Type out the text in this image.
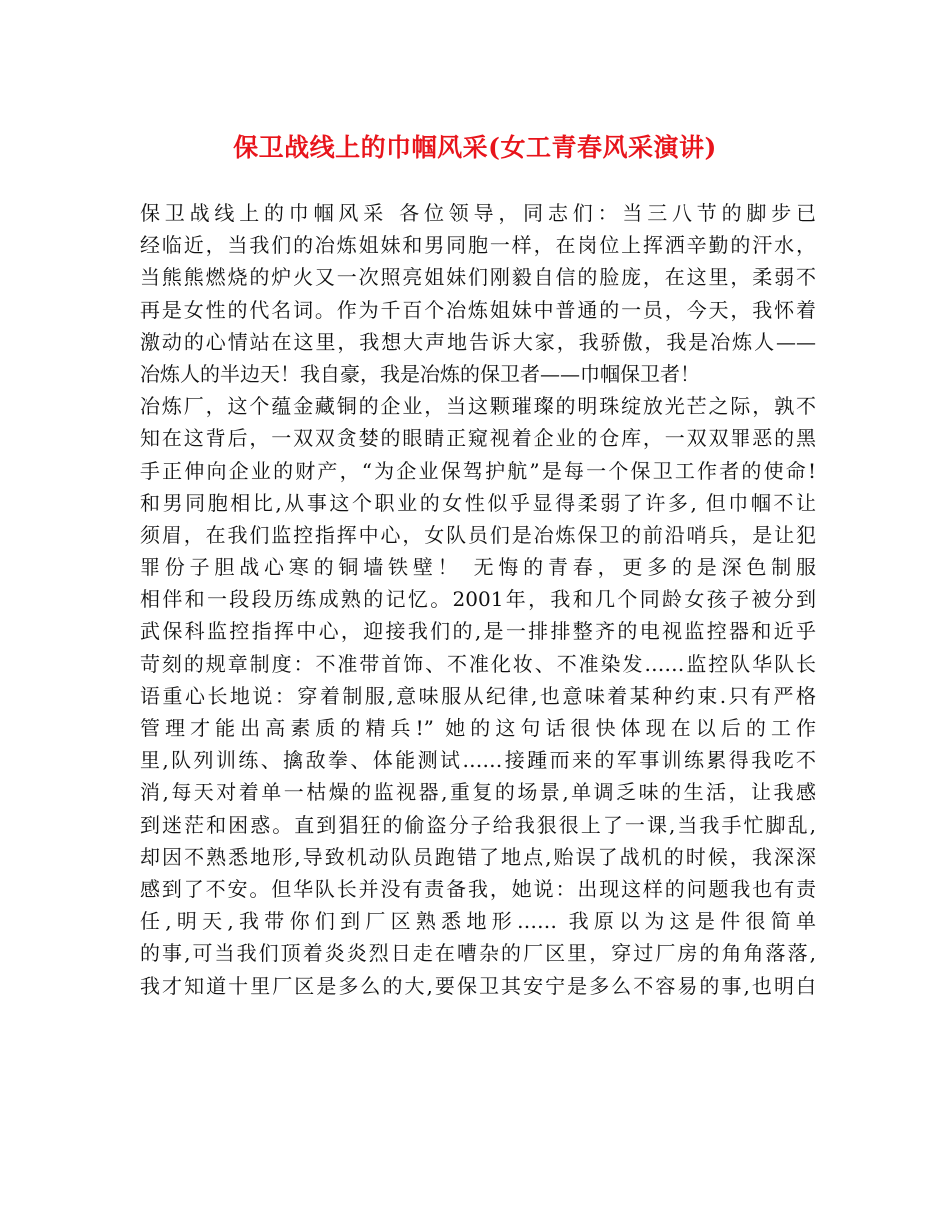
保卫战线上的巾帼风采(女工青春风采演讲)
保卫战线上的巾帼风采 各位领导，同志们：当三八节的脚步已
经临近，当我们的冶炼姐妹和男同胞一样，在岗位上挥洒辛勤的汗水，
当熊熊燃烧的炉火又一次照亮姐妹们刚毅自信的脸庞，在这里，柔弱不
再是女性的代名词。作为千百个冶炼姐妹中普通的一员，今天，我怀着
激动的心情站在这里，我想大声地告诉大家，我骄傲，我是冶炼人——
冶炼人的半边天！我自豪，我是冶炼的保卫者——巾帼保卫者！
冶炼厂，这个蕴金藏铜的企业，当这颗璀璨的明珠绽放光芒之际，孰不
知在这背后，一双双贪婪的眼睛正窥视着企业的仓库，一双双罪恶的黑
手正伸向企业的财产，“为企业保驾护航”是每一个保卫工作者的使命!
和男同胞相比,从事这个职业的女性似乎显得柔弱了许多, 但巾帼不让
须眉，在我们监控指挥中心，女队员们是冶炼保卫的前沿哨兵，是让犯
罪份子胆战心寒的铜墙铁壁！ 无悔的青春，更多的是深色制服
相伴和一段段历练成熟的记忆。2001年，我和几个同龄女孩子被分到
武保科监控指挥中心，迎接我们的,是一排排整齐的电视监控器和近乎
苛刻的规章制度：不准带首饰、不准化妆、不准染发……监控队华队长
语重心长地说：穿着制服,意味服从纪律,也意味着某种约束.只有严格
管理才能出高素质的精兵!” 她的这句话很快体现在以后的工作
里,队列训练、擒敌拳、体能测试……接踵而来的军事训练累得我吃不
消,每天对着单一枯燥的监视器,重复的场景,单调乏味的生活，让我感
到迷茫和困惑。直到猖狂的偷盗分子给我狠很上了一课,当我手忙脚乱,
却因不熟悉地形,导致机动队员跑错了地点,贻误了战机的时候，我深深
感到了不安。但华队长并没有责备我，她说：出现这样的问题我也有责
任,明天,我带你们到厂区熟悉地形…… 我原以为这是件很简单
的事,可当我们顶着炎炎烈日走在嘈杂的厂区里，穿过厂房的角角落落,
我才知道十里厂区是多么的大,要保卫其安宁是多么不容易的事,也明白
